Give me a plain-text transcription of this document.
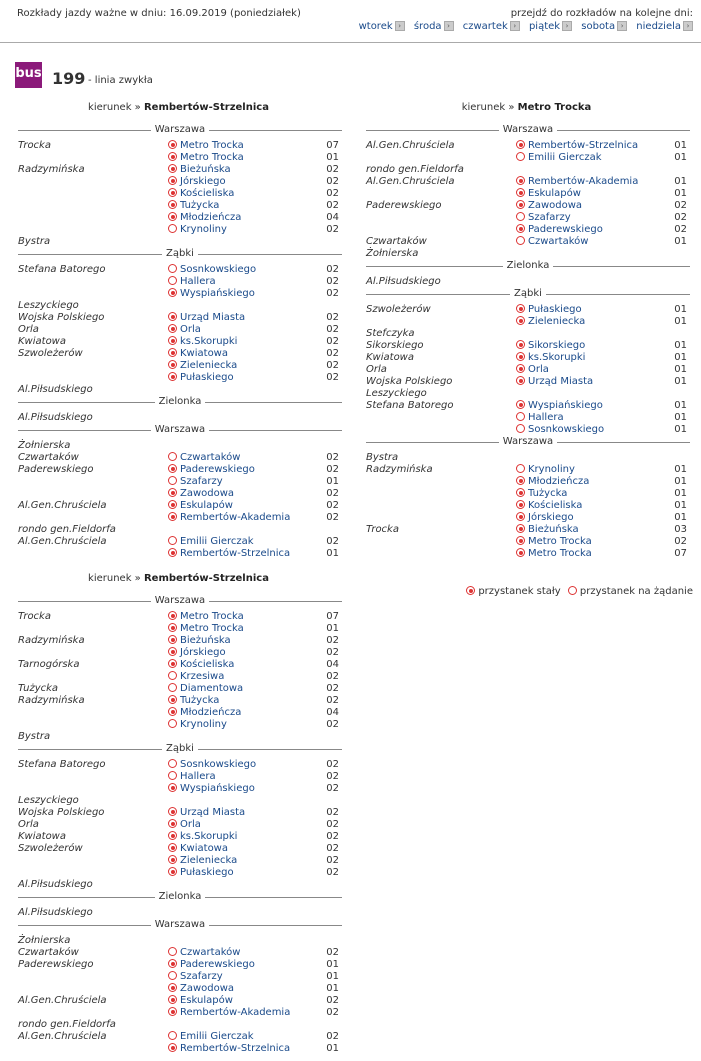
Rozkłady jazdy ważne w dniu: 16.09.2019 (poniedziałek)	przejdź do rozkładów na kolejne dni:
wtorek › środa › czwartek › piątek › sobota › niedziela ›
bus 199 - linia zwykła
kierunek » Rembertów-Strzelnica
Warszawa
Trocka	Metro Trocka	07
Metro Trocka	01
Radzymińska	Bieżuńska	02
Jórskiego	02
Kościeliska	02
Tużycka	02
Młodzieńcza	04
Krynoliny	02
Bystra
Ząbki
Stefana Batorego	Sosnkowskiego	02
Hallera	02
Wyspiańskiego	02
Leszyckiego
Wojska Polskiego	Urząd Miasta	02
Orla	Orla	02
Kwiatowa	ks.Skorupki	02
Szwoleżerów	Kwiatowa	02
Zieleniecka	02
Pułaskiego	02
Al.Piłsudskiego
Zielonka
Al.Piłsudskiego
Warszawa
Żołnierska
Czwartaków	Czwartaków	02
Paderewskiego	Paderewskiego	02
Szafarzy	01
Zawodowa	02
Al.Gen.Chruściela	Eskulapów	02
Rembertów-Akademia	02
rondo gen.Fieldorfa
Al.Gen.Chruściela	Emilii Gierczak	02
Rembertów-Strzelnica	01
kierunek » Metro Trocka
Warszawa
Al.Gen.Chruściela	Rembertów-Strzelnica	01
Emilii Gierczak	01
rondo gen.Fieldorfa
Al.Gen.Chruściela	Rembertów-Akademia	01
Eskulapów	01
Paderewskiego	Zawodowa	02
Szafarzy	02
Paderewskiego	02
Czwartaków	Czwartaków	01
Żołnierska
Zielonka
Al.Piłsudskiego
Ząbki
Szwoleżerów	Pułaskiego	01
Zieleniecka	01
Stefczyka
Sikorskiego	Sikorskiego	01
Kwiatowa	ks.Skorupki	01
Orla	Orla	01
Wojska Polskiego	Urząd Miasta	01
Leszyckiego
Stefana Batorego	Wyspiańskiego	01
Hallera	01
Sosnkowskiego	01
Warszawa
Bystra
Radzymińska	Krynoliny	01
Młodzieńcza	01
Tużycka	01
Kościeliska	01
Jórskiego	01
Trocka	Bieżuńska	03
Metro Trocka	02
Metro Trocka	07
kierunek » Rembertów-Strzelnica
Warszawa
Trocka	Metro Trocka	07
Metro Trocka	01
Radzymińska	Bieżuńska	02
Jórskiego	02
Tarnogórska	Kościeliska	04
Krzesiwa	02
Tużycka	Diamentowa	02
Radzymińska	Tużycka	02
Młodzieńcza	04
Krynoliny	02
Bystra
Ząbki
Stefana Batorego	Sosnkowskiego	02
Hallera	02
Wyspiańskiego	02
Leszyckiego
Wojska Polskiego	Urząd Miasta	02
Orla	Orla	02
Kwiatowa	ks.Skorupki	02
Szwoleżerów	Kwiatowa	02
Zieleniecka	02
Pułaskiego	02
Al.Piłsudskiego
Zielonka
Al.Piłsudskiego
Warszawa
Żołnierska
Czwartaków	Czwartaków	02
Paderewskiego	Paderewskiego	01
Szafarzy	01
Zawodowa	01
Al.Gen.Chruściela	Eskulapów	02
Rembertów-Akademia	02
rondo gen.Fieldorfa
Al.Gen.Chruściela	Emilii Gierczak	02
Rembertów-Strzelnica	01
przystanek stały przystanek na żądanie
